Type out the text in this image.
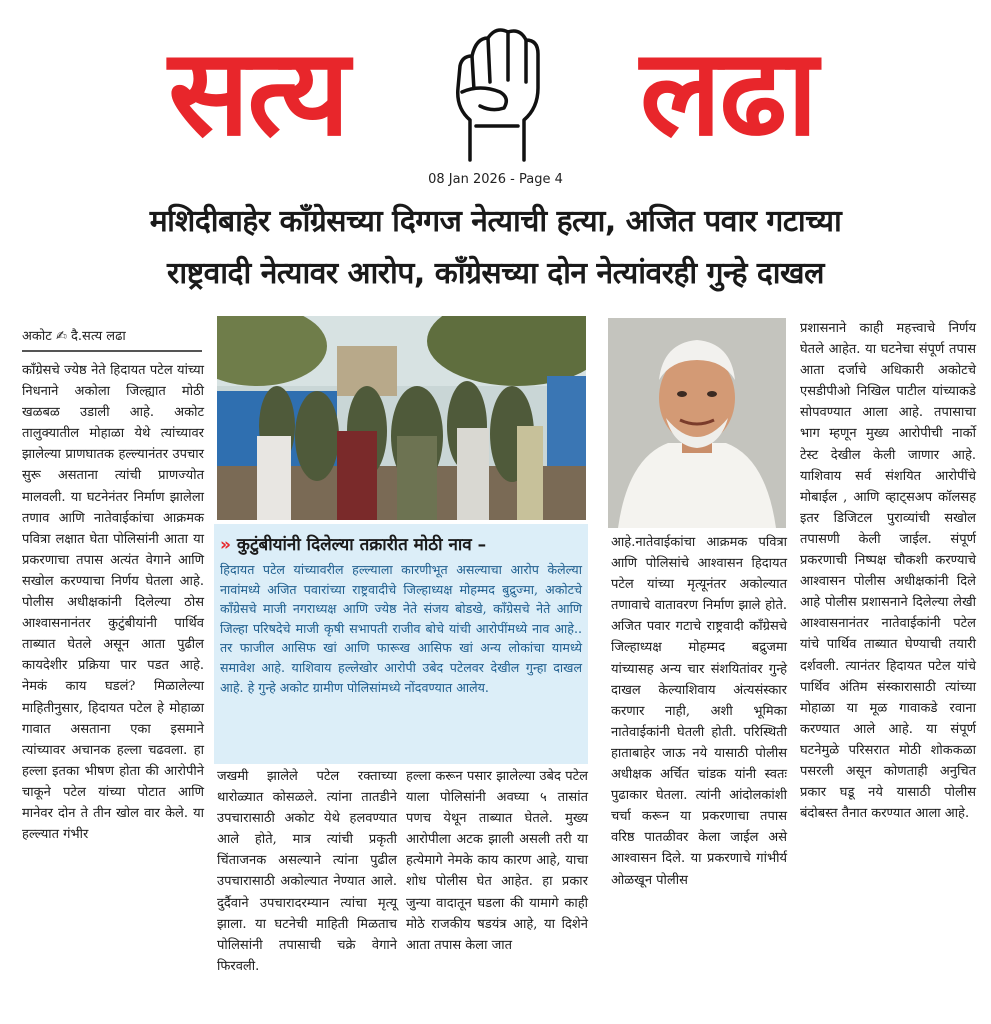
सत्य	लढा
08 Jan 2026 - Page 4
मशिदीबाहेर काँग्रेसच्या दिग्गज नेत्याची हत्या, अजित पवार गटाच्या
राष्ट्रवादी नेत्यावर आरोप, काँग्रेसच्या दोन नेत्यांवरही गुन्हे दाखल
अकोट ✍ दै.सत्य लढा
काँग्रेसचे ज्येष्ठ नेते हिदायत पटेल यांच्या निधनाने अकोला जिल्ह्यात मोठी खळबळ उडाली आहे. अकोट तालुक्यातील मोहाळा येथे त्यांच्यावर झालेल्या प्राणघातक हल्ल्यानंतर उपचार सुरू असताना त्यांची प्राणज्योत मालवली. या घटनेनंतर निर्माण झालेला तणाव आणि नातेवाईकांचा आक्रमक पवित्रा लक्षात घेता पोलिसांनी आता या प्रकरणाचा तपास अत्यंत वेगाने आणि सखोल करण्याचा निर्णय घेतला आहे. पोलीस अधीक्षकांनी दिलेल्या ठोस आश्वासनानंतर कुटुंबीयांनी पार्थिव ताब्यात घेतले असून आता पुढील कायदेशीर प्रक्रिया पार पडत आहे. नेमकं काय घडलं? मिळालेल्या माहितीनुसार, हिदायत पटेल हे मोहाळा गावात असताना एका इसमाने त्यांच्यावर अचानक हल्ला चढवला. हा हल्ला इतका भीषण होता की आरोपीने चाकूने पटेल यांच्या पोटात आणि मानेवर दोन ते तीन खोल वार केले. या हल्ल्यात गंभीर
» कुटुंबीयांनी दिलेल्या तक्रारीत मोठी नाव –
हिदायत पटेल यांच्यावरील हल्ल्याला कारणीभूत असल्याचा आरोप केलेल्या नावांमध्ये अजित पवारांच्या राष्ट्रवादीचे जिल्हाध्यक्ष मोहम्मद बुद्रुज्मा, अकोटचे काँग्रेसचे माजी नगराध्यक्ष आणि ज्येष्ठ नेते संजय बोडखे, काँग्रेसचे नेते आणि जिल्हा परिषदेचे माजी कृषी सभापती राजीव बोचे यांची आरोपींमध्ये नाव आहे.. तर फाजील आसिफ खां आणि फारूख आसिफ खां अन्य लोकांचा यामध्ये समावेश आहे. याशिवाय हल्लेखोर आरोपी उबेद पटेलवर देखील गुन्हा दाखल आहे. हे गुन्हे अकोट ग्रामीण पोलिसांमध्ये नोंदवण्यात आलेय.
जखमी झालेले पटेल रक्ताच्या थारोळ्यात कोसळले. त्यांना तातडीने उपचारासाठी अकोट येथे हलवण्यात आले होते, मात्र त्यांची प्रकृती चिंताजनक असल्याने त्यांना पुढील उपचारासाठी अकोल्यात नेण्यात आले. दुर्दैवाने उपचारादरम्यान त्यांचा मृत्यू झाला. या घटनेची माहिती मिळताच पोलिसांनी तपासाची चक्रे वेगाने फिरवली.
हल्ला करून पसार झालेल्या उबेद पटेल याला पोलिसांनी अवघ्या ५ तासांत पणच येथून ताब्यात घेतले. मुख्य आरोपीला अटक झाली असली तरी या हत्येमागे नेमके काय कारण आहे, याचा शोध पोलीस घेत आहेत. हा प्रकार जुन्या वादातून घडला की यामागे काही मोठे राजकीय षडयंत्र आहे, या दिशेने आता तपास केला जात
आहे.नातेवाईकांचा आक्रमक पवित्रा आणि पोलिसांचे आश्वासन हिदायत पटेल यांच्या मृत्यूनंतर अकोल्यात तणावाचे वातावरण निर्माण झाले होते. अजित पवार गटाचे राष्ट्रवादी काँग्रेसचे जिल्हाध्यक्ष मोहम्मद बद्रुजमा यांच्यासह अन्य चार संशयितांवर गुन्हे दाखल केल्याशिवाय अंत्यसंस्कार करणार नाही, अशी भूमिका नातेवाईकांनी घेतली होती. परिस्थिती हाताबाहेर जाऊ नये यासाठी पोलीस अधीक्षक अर्चित चांडक यांनी स्वतः पुढाकार घेतला. त्यांनी आंदोलकांशी चर्चा करून या प्रकरणाचा तपास वरिष्ठ पातळीवर केला जाईल असे आश्वासन दिले. या प्रकरणाचे गांभीर्य ओळखून पोलीस
प्रशासनाने काही महत्त्वाचे निर्णय घेतले आहेत. या घटनेचा संपूर्ण तपास आता दर्जाचे अधिकारी अकोटचे एसडीपीओ निखिल पाटील यांच्याकडे सोपवण्यात आला आहे. तपासाचा भाग म्हणून मुख्य आरोपीची नार्को टेस्ट देखील केली जाणार आहे. याशिवाय सर्व संशयित आरोपींचे मोबाईल , आणि व्हाट्सअप कॉलसह इतर डिजिटल पुराव्यांची सखोल तपासणी केली जाईल. संपूर्ण प्रकरणाची निष्पक्ष चौकशी करण्याचे आश्वासन पोलीस अधीक्षकांनी दिले आहे पोलीस प्रशासनाने दिलेल्या लेखी आश्वासनानंतर नातेवाईकांनी पटेल यांचे पार्थिव ताब्यात घेण्याची तयारी दर्शवली. त्यानंतर हिदायत पटेल यांचे पार्थिव अंतिम संस्कारासाठी त्यांच्या मोहाळा या मूळ गावाकडे रवाना करण्यात आले आहे. या संपूर्ण घटनेमुळे परिसरात मोठी शोककळा पसरली असून कोणताही अनुचित प्रकार घडू नये यासाठी पोलीस बंदोबस्त तैनात करण्यात आला आहे.
